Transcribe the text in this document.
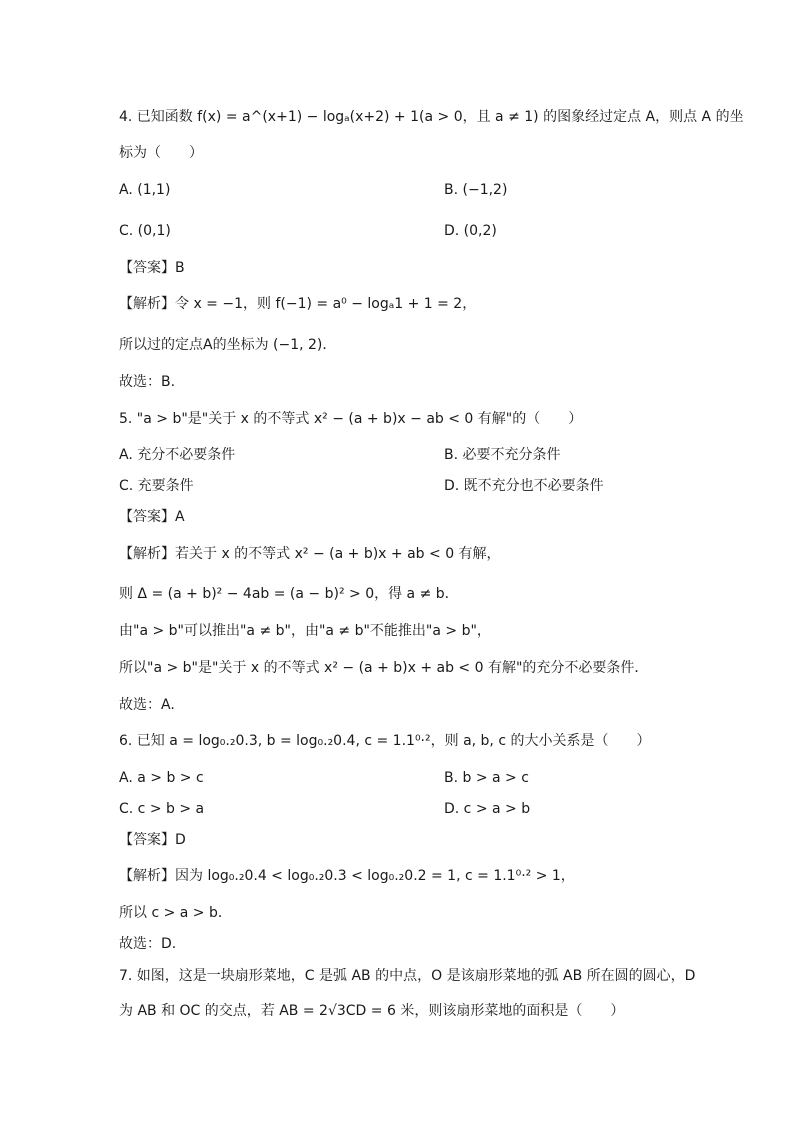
4. 已知函数 f(x) = a^(x+1) − logₐ(x+2) + 1(a > 0，且 a ≠ 1) 的图象经过定点 A，则点 A 的坐
标为（　　）
A. (1,1)	B. (−1,2)
C. (0,1)	D. (0,2)
【答案】B
【解析】令 x = −1，则 f(−1) = a⁰ − logₐ1 + 1 = 2，
所以过的定点A的坐标为 (−1, 2)．
故选：B.
5. "a > b"是"关于 x 的不等式 x² − (a + b)x − ab < 0 有解"的（　　）
A. 充分不必要条件	B. 必要不充分条件
C. 充要条件	D. 既不充分也不必要条件
【答案】A
【解析】若关于 x 的不等式 x² − (a + b)x + ab < 0 有解，
则 Δ = (a + b)² − 4ab = (a − b)² > 0，得 a ≠ b．
由"a > b"可以推出"a ≠ b"，由"a ≠ b"不能推出"a > b"，
所以"a > b"是"关于 x 的不等式 x² − (a + b)x + ab < 0 有解"的充分不必要条件．
故选：A.
6. 已知 a = log₀.₂0.3, b = log₀.₂0.4, c = 1.1⁰·²，则 a, b, c 的大小关系是（　　）
A. a > b > c	B. b > a > c
C. c > b > a	D. c > a > b
【答案】D
【解析】因为 log₀.₂0.4 < log₀.₂0.3 < log₀.₂0.2 = 1, c = 1.1⁰·² > 1，
所以 c > a > b．
故选：D.
7. 如图，这是一块扇形菜地，C 是弧 AB 的中点，O 是该扇形菜地的弧 AB 所在圆的圆心，D
为 AB 和 OC 的交点，若 AB = 2√3CD = 6 米，则该扇形菜地的面积是（　　）
